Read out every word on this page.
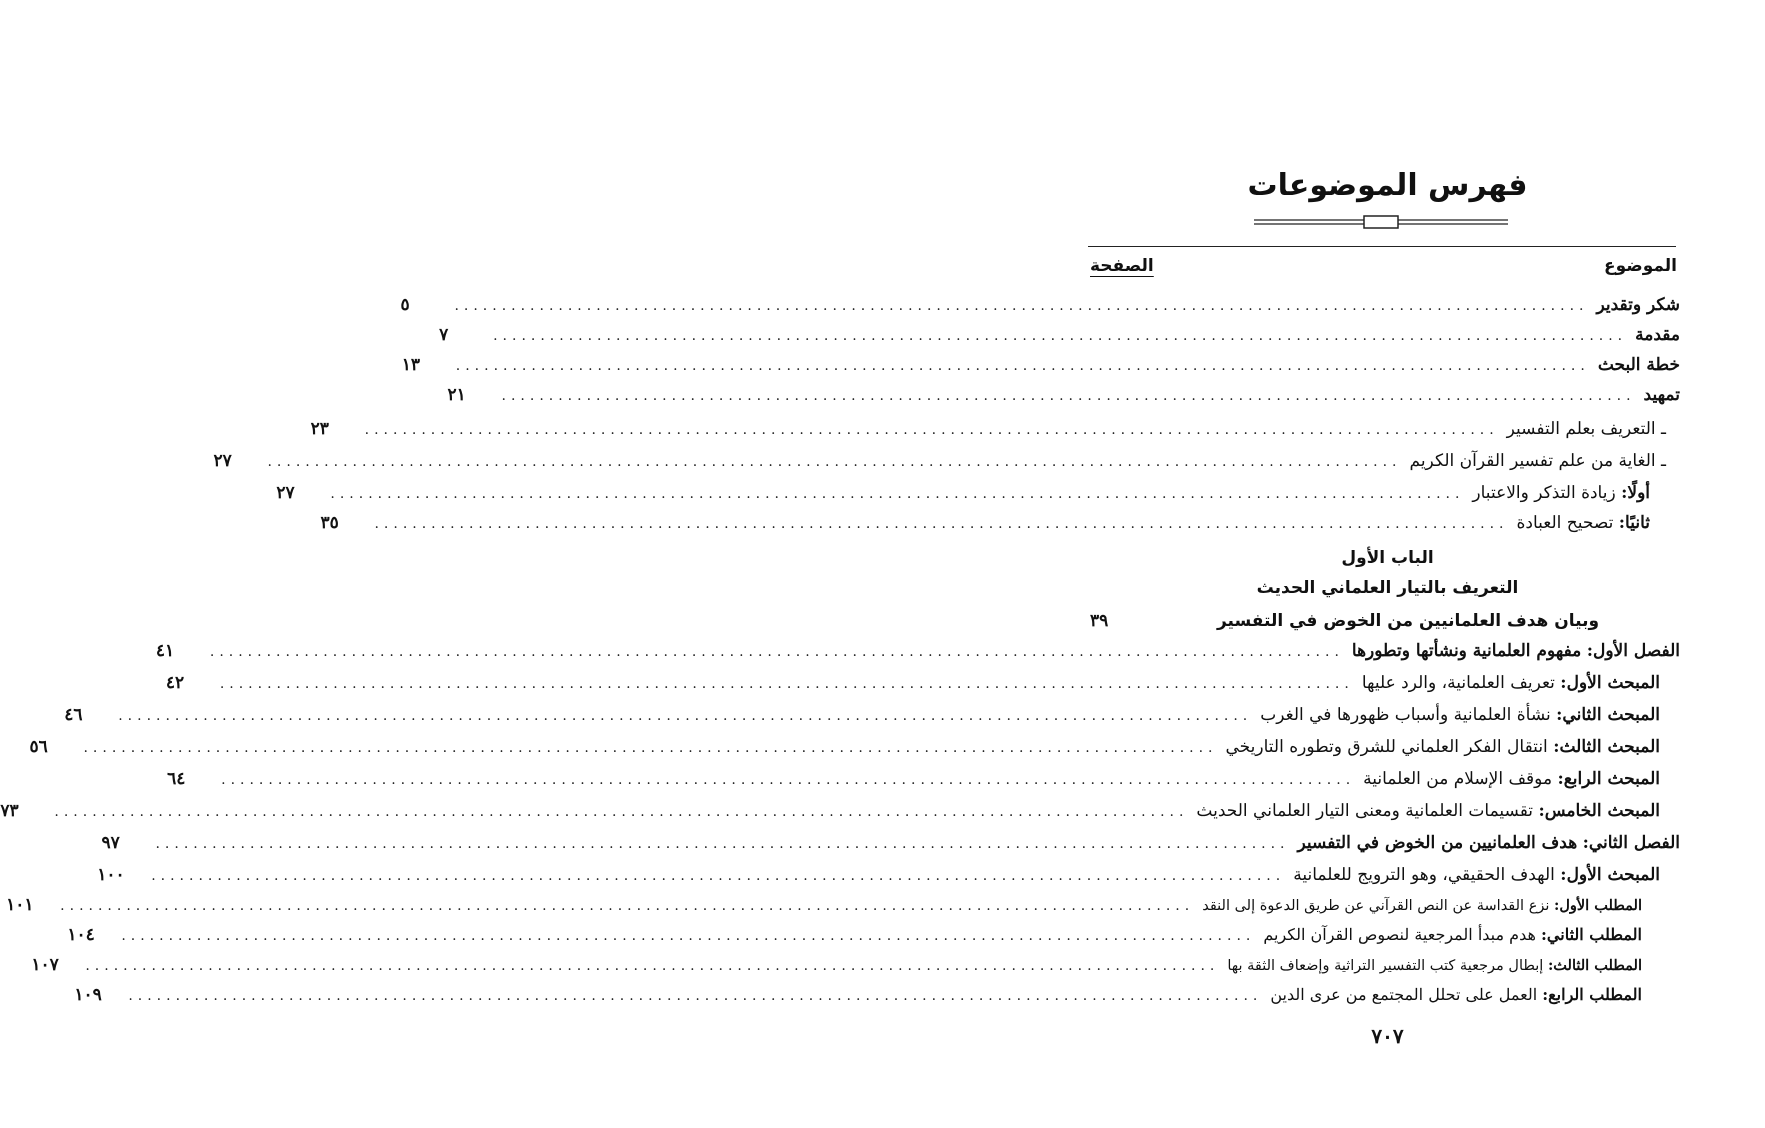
فهرس الموضوعات
الموضوع
الصفحة
شكر وتقدير
........................................................................................................................
٥
مقدمة
........................................................................................................................
٧
خطة البحث
........................................................................................................................
١٣
تمهيد
........................................................................................................................
٢١
ـ التعريف بعلم التفسير
........................................................................................................................
٢٣
ـ الغاية من علم تفسير القرآن الكريم
........................................................................................................................
٢٧
أولًا: زيادة التذكر والاعتبار
........................................................................................................................
٢٧
ثانيًا: تصحيح العبادة
........................................................................................................................
٣٥
الباب الأول
التعريف بالتيار العلماني الحديث
وبيان هدف العلمانيين من الخوض في التفسير
٣٩
الفصل الأول: مفهوم العلمانية ونشأتها وتطورها
........................................................................................................................
٤١
المبحث الأول: تعريف العلمانية، والرد عليها
........................................................................................................................
٤٢
المبحث الثاني: نشأة العلمانية وأسباب ظهورها في الغرب
........................................................................................................................
٤٦
المبحث الثالث: انتقال الفكر العلماني للشرق وتطوره التاريخي
........................................................................................................................
٥٦
المبحث الرابع: موقف الإسلام من العلمانية
........................................................................................................................
٦٤
المبحث الخامس: تقسيمات العلمانية ومعنى التيار العلماني الحديث
........................................................................................................................
٧٣
الفصل الثاني: هدف العلمانيين من الخوض في التفسير
........................................................................................................................
٩٧
المبحث الأول: الهدف الحقيقي، وهو الترويج للعلمانية
........................................................................................................................
١٠٠
المطلب الأول: نزع القداسة عن النص القرآني عن طريق الدعوة إلى النقد
........................................................................................................................
١٠١
المطلب الثاني: هدم مبدأ المرجعية لنصوص القرآن الكريم
........................................................................................................................
١٠٤
المطلب الثالث: إبطال مرجعية كتب التفسير التراثية وإضعاف الثقة بها
........................................................................................................................
١٠٧
المطلب الرابع: العمل على تحلل المجتمع من عرى الدين
........................................................................................................................
١٠٩
٧٠٧
